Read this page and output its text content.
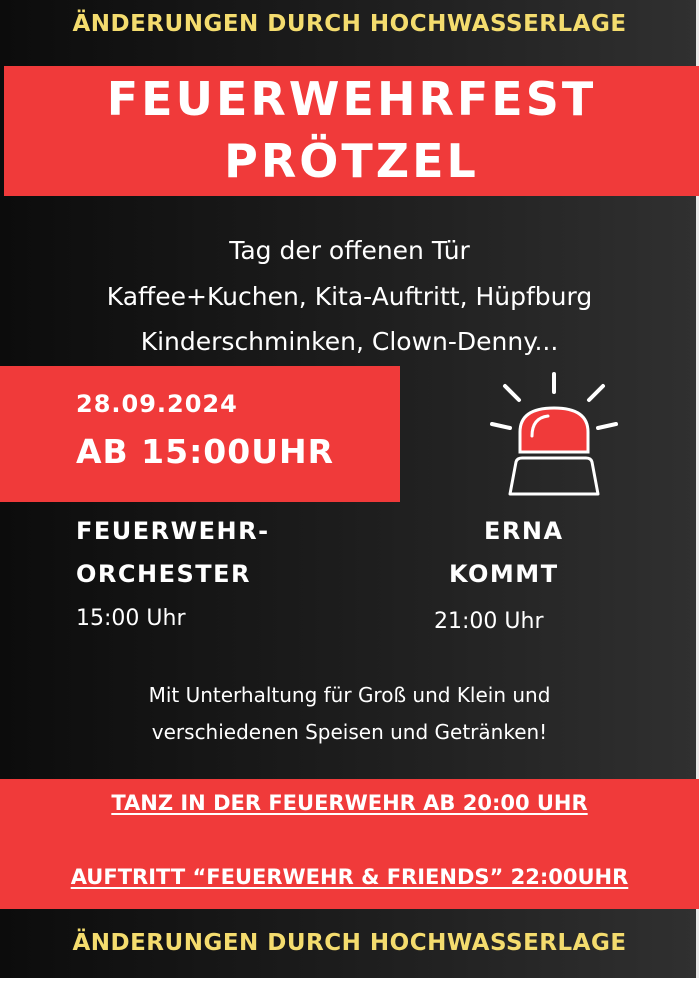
ÄNDERUNGEN DURCH HOCHWASSERLAGE
FEUERWEHRFEST
PRÖTZEL
Tag der offenen Tür
Kaffee+Kuchen, Kita-Auftritt, Hüpfburg
Kinderschminken, Clown-Denny...
28.09.2024
AB 15:00UHR
FEUERWEHR-
ORCHESTER
15:00 Uhr
ERNA
KOMMT
21:00 Uhr
Mit Unterhaltung für Groß und Klein und
verschiedenen Speisen und Getränken!
TANZ IN DER FEUERWEHR AB 20:00 UHR
AUFTRITT “FEUERWEHR & FRIENDS” 22:00UHR
ÄNDERUNGEN DURCH HOCHWASSERLAGE
